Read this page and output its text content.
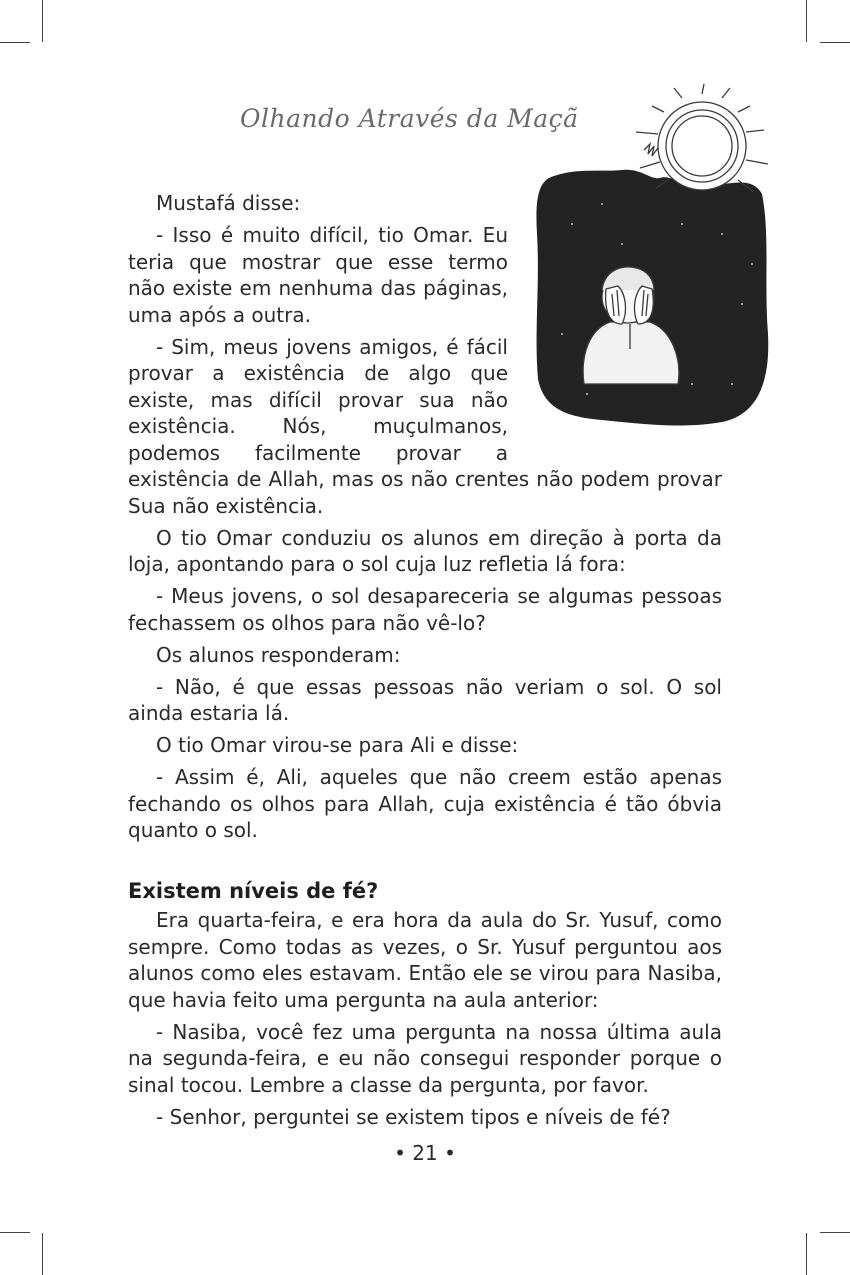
Olhando Através da Maçã

Mustafá disse:

- Isso é muito difícil, tio Omar. Eu teria que mostrar que esse termo não existe em nenhuma das páginas, uma após a outra.

- Sim, meus jovens amigos, é fácil provar a existência de algo que existe, mas difícil provar sua não existência. Nós, muçulmanos, podemos facilmente provar a existência de Allah, mas os não crentes não podem provar Sua não existência.

O tio Omar conduziu os alunos em direção à porta da loja, apontando para o sol cuja luz refletia lá fora:

- Meus jovens, o sol desapareceria se algumas pessoas fechassem os olhos para não vê-lo?

Os alunos responderam:

- Não, é que essas pessoas não veriam o sol. O sol ainda estaria lá.

O tio Omar virou-se para Ali e disse:

- Assim é, Ali, aqueles que não creem estão apenas fechando os olhos para Allah, cuja existência é tão óbvia quanto o sol.

Existem níveis de fé?

Era quarta-feira, e era hora da aula do Sr. Yusuf, como sempre. Como todas as vezes, o Sr. Yusuf perguntou aos alunos como eles estavam. Então ele se virou para Nasiba, que havia feito uma pergunta na aula anterior:

- Nasiba, você fez uma pergunta na nossa última aula na segunda-feira, e eu não consegui responder porque o sinal tocou. Lembre a classe da pergunta, por favor.

- Senhor, perguntei se existem tipos e níveis de fé?

• 21 •
